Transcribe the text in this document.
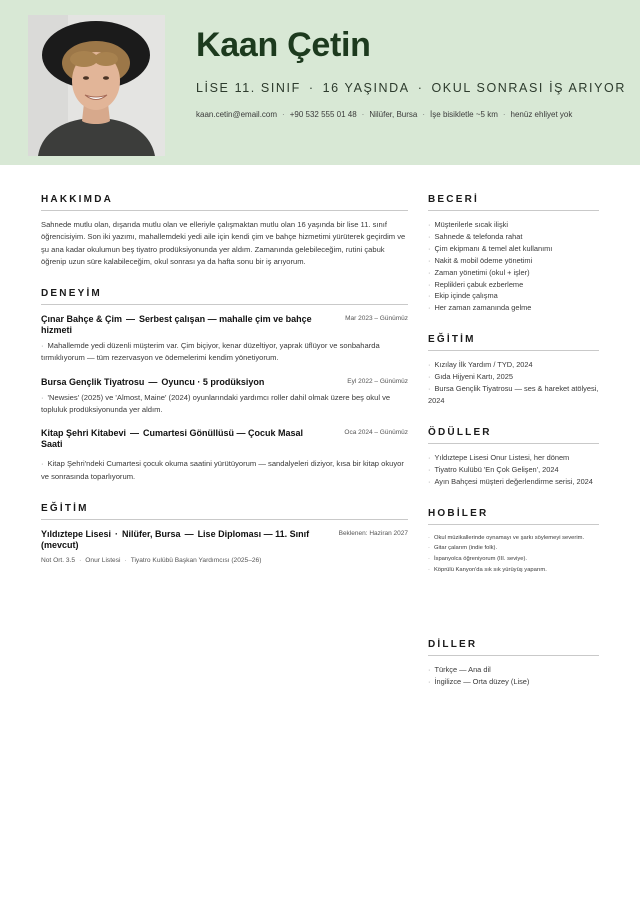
Kaan Çetin
LİSE 11. SINIF · 16 YAŞINDA · OKUL SONRASI İŞ ARIYOR
kaan.cetin@email.com · +90 532 555 01 48 · Nilüfer, Bursa · İşe bisikletle ~5 km · henüz ehliyet yok
HAKKIMDA
Sahnede mutlu olan, dışarıda mutlu olan ve elleriyle çalışmaktan mutlu olan 16 yaşında bir lise 11. sınıf öğrencisiyim. Son iki yazımı, mahallemdeki yedi aile için kendi çim ve bahçe hizmetimi yürüterek geçirdim ve şu ana kadar okulumun beş tiyatro prodüksiyonunda yer aldım. Zamanında gelebileceğim, rutini çabuk öğrenip uzun süre kalabileceğim, okul sonrası ya da hafta sonu bir iş arıyorum.
DENEYİM
Çınar Bahçe & Çim — Serbest çalışan — mahalle çim ve bahçe hizmeti
Mar 2023 – Günümüz
· Mahallemde yedi düzenli müşterim var. Çim biçiyor, kenar düzeltiyor, yaprak üflüyor ve sonbaharda tırmıklıyorum — tüm rezervasyon ve ödemelerimi kendim yönetiyorum.
Bursa Gençlik Tiyatrosu — Oyuncu · 5 prodüksiyon	Eyl 2022 – Günümüz
· 'Newsies' (2025) ve 'Almost, Maine' (2024) oyunlarındaki yardımcı roller dahil olmak üzere beş okul ve topluluk prodüksiyonunda yer aldım.
Kitap Şehri Kitabevi — Cumartesi Gönüllüsü — Çocuk Masal Saati
Oca 2024 – Günümüz
· Kitap Şehri'ndeki Cumartesi çocuk okuma saatini yürütüyorum — sandalyeleri diziyor, kısa bir kitap okuyor ve sonrasında toparlıyorum.
EĞİTİM
Yıldıztepe Lisesi · Nilüfer, Bursa — Lise Diploması — 11. Sınıf (mevcut)
Beklenen: Haziran 2027
Not Ort. 3.5 · Onur Listesi · Tiyatro Kulübü Başkan Yardımcısı (2025–26)
BECERİ
· Müşterilerle sıcak ilişki
· Sahnede & telefonda rahat
· Çim ekipmanı & temel alet kullanımı
· Nakit & mobil ödeme yönetimi
· Zaman yönetimi (okul + işler)
· Replikleri çabuk ezberleme
· Ekip içinde çalışma
· Her zaman zamanında gelme
EĞİTİM
· Kızılay İlk Yardım / TYD, 2024
· Gıda Hijyeni Kartı, 2025
· Bursa Gençlik Tiyatrosu — ses & hareket atölyesi, 2024
ÖDÜLLER
· Yıldıztepe Lisesi Onur Listesi, her dönem
· Tiyatro Kulübü 'En Çok Gelişen', 2024
· Ayın Bahçesi müşteri değerlendirme serisi, 2024
HOBİLER
· Okul müzikallerinde oynamayı ve şarkı söylemeyi severim.
· Gitar çalarım (indie folk).
· İspanyolca öğreniyorum (III. seviye).
· Köprülü Kanyon'da sık sık yürüyüş yaparım.
DİLLER
· Türkçe — Ana dil
· İngilizce — Orta düzey (Lise)
